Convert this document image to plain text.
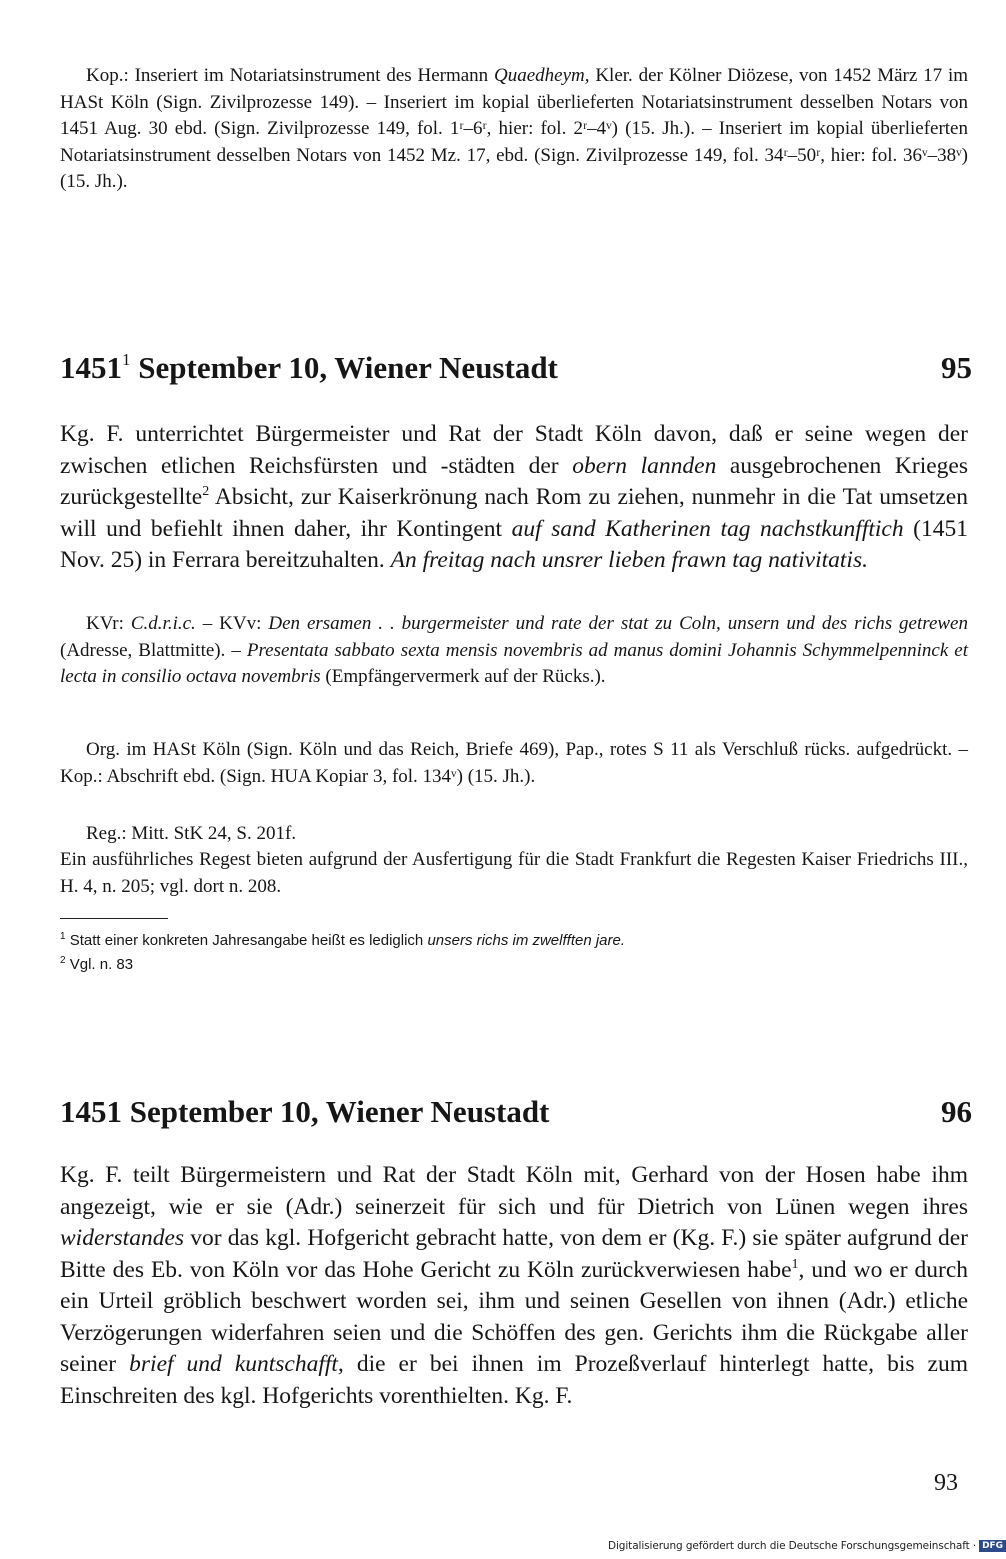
Kop.: Inseriert im Notariatsinstrument des Hermann Quaedheym, Kler. der Kölner Diözese, von 1452 März 17 im HASt Köln (Sign. Zivilprozesse 149). – Inseriert im kopial überlieferten Notariatsinstrument desselben Notars von 1451 Aug. 30 ebd. (Sign. Zivilprozesse 149, fol. 1ʳ–6ʳ, hier: fol. 2ʳ–4ᵛ) (15. Jh.). – Inseriert im kopial überlieferten Notariatsinstrument desselben Notars von 1452 Mz. 17, ebd. (Sign. Zivilprozesse 149, fol. 34ʳ–50ʳ, hier: fol. 36ᵛ–38ᵛ) (15. Jh.).

1451$^1$ September 10, Wiener Neustadt	95

Kg. F. unterrichtet Bürgermeister und Rat der Stadt Köln davon, daß er seine wegen der zwischen etlichen Reichsfürsten und -städten der obern lannden ausgebrochenen Krieges zurückgestellte$^2$ Absicht, zur Kaiserkrönung nach Rom zu ziehen, nunmehr in die Tat umsetzen will und befiehlt ihnen daher, ihr Kontingent auf sand Katherinen tag nachstkunfftich (1451 Nov. 25) in Ferrara bereitzuhalten. An freitag nach unsrer lieben frawn tag nativitatis.

KVr: C.d.r.i.c. – KVv: Den ersamen . . burgermeister und rate der stat zu Coln, unsern und des richs getrewen (Adresse, Blattmitte). – Presentata sabbato sexta mensis novembris ad manus domini Johannis Schymmelpenninck et lecta in consilio octava novembris (Empfängervermerk auf der Rücks.).

Org. im HASt Köln (Sign. Köln und das Reich, Briefe 469), Pap., rotes S 11 als Verschluß rücks. aufgedrückt. – Kop.: Abschrift ebd. (Sign. HUA Kopiar 3, fol. 134ᵛ) (15. Jh.).

Reg.: Mitt. StK 24, S. 201f.

Ein ausführliches Regest bieten aufgrund der Ausfertigung für die Stadt Frankfurt die Regesten Kaiser Friedrichs III., H. 4, n. 205; vgl. dort n. 208.

$^1$ Statt einer konkreten Jahresangabe heißt es lediglich unsers richs im zwelfften jare.
$^2$ Vgl. n. 83
1451 September 10, Wiener Neustadt	96

Kg. F. teilt Bürgermeistern und Rat der Stadt Köln mit, Gerhard von der Hosen habe ihm angezeigt, wie er sie (Adr.) seinerzeit für sich und für Dietrich von Lünen wegen ihres widerstandes vor das kgl. Hofgericht gebracht hatte, von dem er (Kg. F.) sie später aufgrund der Bitte des Eb. von Köln vor das Hohe Gericht zu Köln zurückverwiesen habe$^1$, und wo er durch ein Urteil gröblich beschwert worden sei, ihm und seinen Gesellen von ihnen (Adr.) etliche Verzögerungen widerfahren seien und die Schöffen des gen. Gerichts ihm die Rückgabe aller seiner brief und kuntschafft, die er bei ihnen im Prozeßverlauf hinterlegt hatte, bis zum Einschreiten des kgl. Hofgerichts vorenthielten. Kg. F.

93
Digitalisierung gefördert durch die Deutsche Forschungsgemeinschaft · DFG
